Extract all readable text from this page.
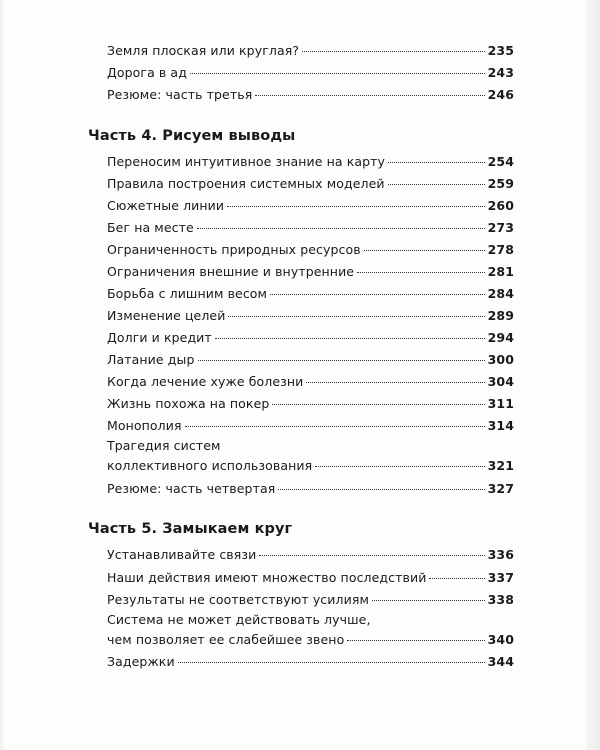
Земля плоская или круглая?	235
Дорога в ад	243
Резюме: часть третья	246
Часть 4. Рисуем выводы
Переносим интуитивное знание на карту	254
Правила построения системных моделей	259
Сюжетные линии	260
Бег на месте	273
Ограниченность природных ресурсов	278
Ограничения внешние и внутренние	281
Борьба с лишним весом	284
Изменение целей	289
Долги и кредит	294
Латание дыр	300
Когда лечение хуже болезни	304
Жизнь похожа на покер	311
Монополия	314
Трагедия систем
коллективного использования	321
Резюме: часть четвертая	327
Часть 5. Замыкаем круг
Устанавливайте связи	336
Наши действия имеют множество последствий	337
Результаты не соответствуют усилиям	338
Система не может действовать лучше,
чем позволяет ее слабейшее звено	340
Задержки	344
